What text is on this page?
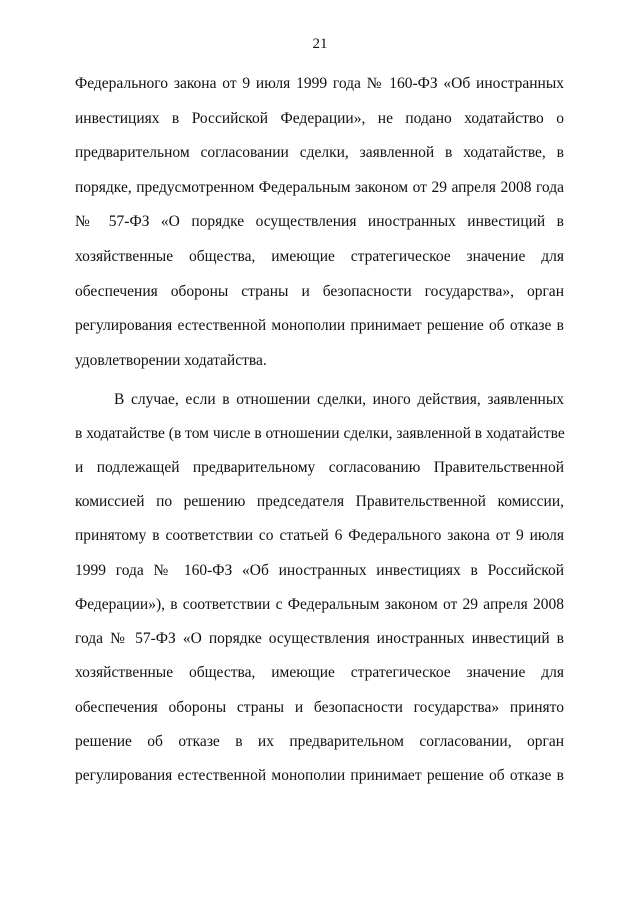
21
Федерального закона от 9 июля 1999 года № 160-ФЗ «Об иностранных
инвестициях в Российской Федерации», не подано ходатайство о
предварительном согласовании сделки, заявленной в ходатайстве, в
порядке, предусмотренном Федеральным законом от 29 апреля 2008 года
№ 57-ФЗ «О порядке осуществления иностранных инвестиций в
хозяйственные общества, имеющие стратегическое значение для
обеспечения обороны страны и безопасности государства», орган
регулирования естественной монополии принимает решение об отказе в
удовлетворении ходатайства.
В случае, если в отношении сделки, иного действия, заявленных
в ходатайстве (в том числе в отношении сделки, заявленной в ходатайстве
и подлежащей предварительному согласованию Правительственной
комиссией по решению председателя Правительственной комиссии,
принятому в соответствии со статьей 6 Федерального закона от 9 июля
1999 года № 160-ФЗ «Об иностранных инвестициях в Российской
Федерации»), в соответствии с Федеральным законом от 29 апреля 2008
года № 57-ФЗ «О порядке осуществления иностранных инвестиций в
хозяйственные общества, имеющие стратегическое значение для
обеспечения обороны страны и безопасности государства» принято
решение об отказе в их предварительном согласовании, орган
регулирования естественной монополии принимает решение об отказе в
